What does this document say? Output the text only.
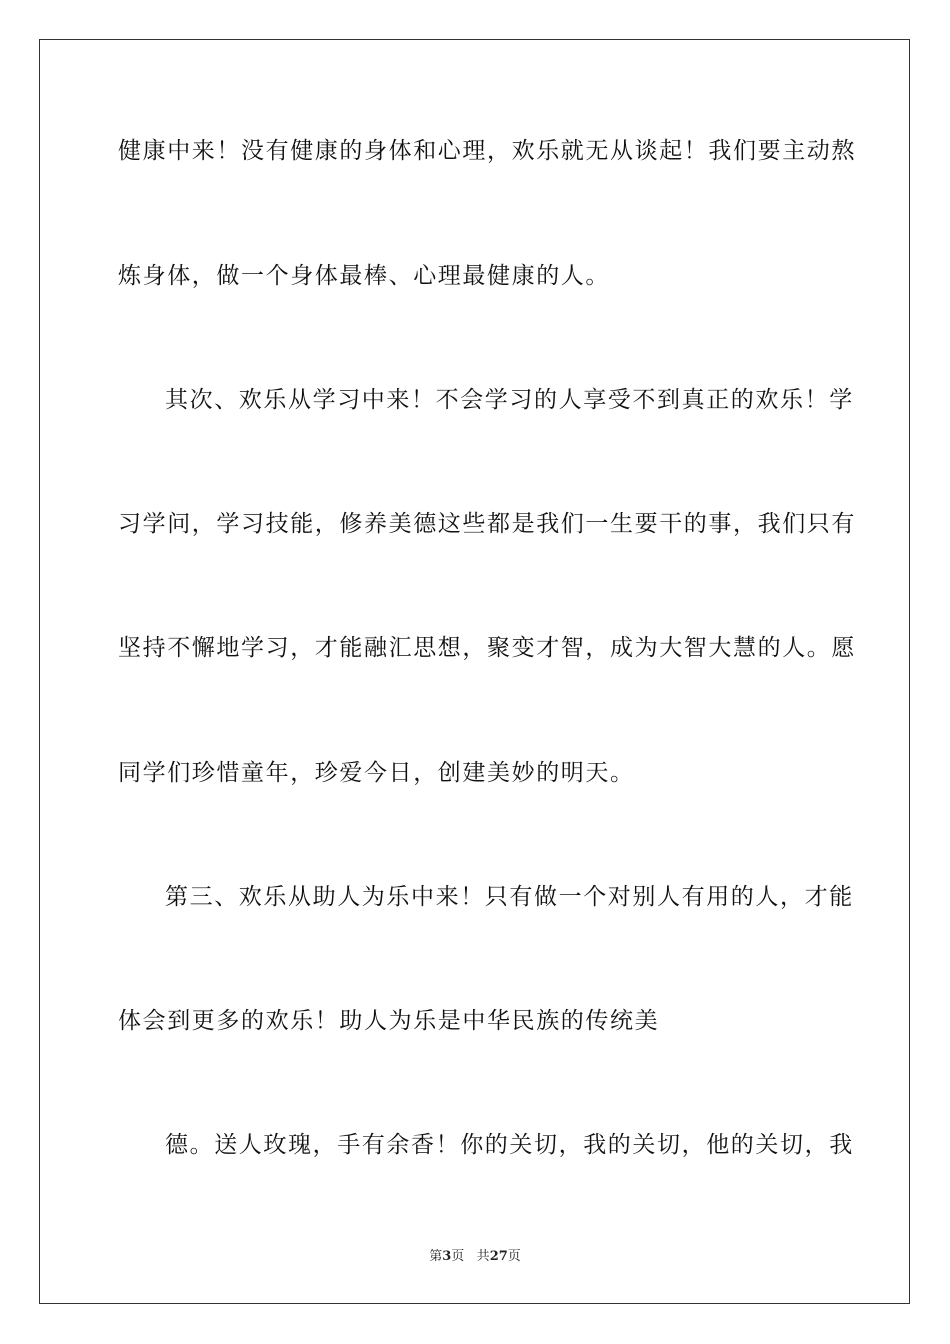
健康中来！没有健康的身体和心理，欢乐就无从谈起！我们要主动熬
炼身体，做一个身体最棒、心理最健康的人。
其次、欢乐从学习中来！不会学习的人享受不到真正的欢乐！学
习学问，学习技能，修养美德这些都是我们一生要干的事，我们只有
坚持不懈地学习，才能融汇思想，聚变才智，成为大智大慧的人。愿
同学们珍惜童年，珍爱今日，创建美妙的明天。
第三、欢乐从助人为乐中来！只有做一个对别人有用的人，才能
体会到更多的欢乐！助人为乐是中华民族的传统美
德。送人玫瑰，手有余香！你的关切，我的关切，他的关切，我
第3页 共27页
